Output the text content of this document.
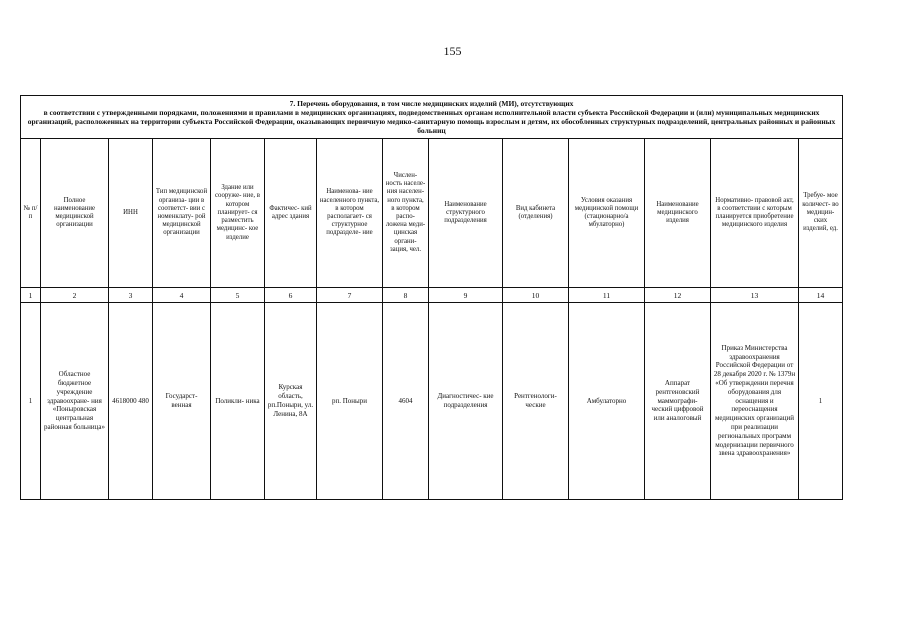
155
7. Перечень оборудования, в том числе медицинских изделий (МИ), отсутствующих
в соответствии с утвержденными порядками, положениями и правилами в медицинских организациях, подведомственных органам исполнительной власти субъекта Российской Федерации и (или) муниципальных медицинских организаций, расположенных на территории субъекта Российской Федерации, оказывающих первичную медико-санитарную помощь взрослым и детям, их обособленных структурных подразделений, центральных районных и районных больниц													

№ п/ п	Полное наименование медицинской организации	ИНН	Тип медицинской организа- ции в соответст- вии с номенклату- рой медицинской организации	Здание или сооруже- ние, в котором планирует- ся разместить медицинс- кое изделие	Фактичес- кий адрес здания	Наименова- ние населенного пункта, в котором располагает- ся структурное подразделе- ние	Числен- ность населе- ния населен- ного пункта, в котором распо- ложена меди- цинская органи- зация, чел.	Наименование структурного подразделения	Вид кабинета (отделения)	Условия оказания медицинской помощи (стационарно/а мбулаторно)	Наименование медицинского изделия	Нормативно- правовой акт, в соответствии с которым планируется приобретение медицинского изделия	Требуе- мое количест- во медицин- ских изделий, ед.
1	2	3	4	5	6	7	8	9	10	11	12	13	14
1	Областное бюджетное учреждение здравоохране- ния «Поныровская центральная районная больница»	4618000 480	Государст- венная	Поликли- ника	Курская область, рп.Поныри, ул. Ленина, 8А	рп. Поныри	4604	Диагностичес- кие подразделения	Рентгенологи- ческие	Амбулаторно	Аппарат рентгеновский маммографи- ческий цифровой или аналоговый	Приказ Министерства здравоохранения Российской Федерации от 28 декабря 2020 г. № 1379н «Об утверждении перечня оборудования для оснащения и переоснащения медицинских организаций при реализации региональных программ модернизации первичного звена здравоохранения»	1
